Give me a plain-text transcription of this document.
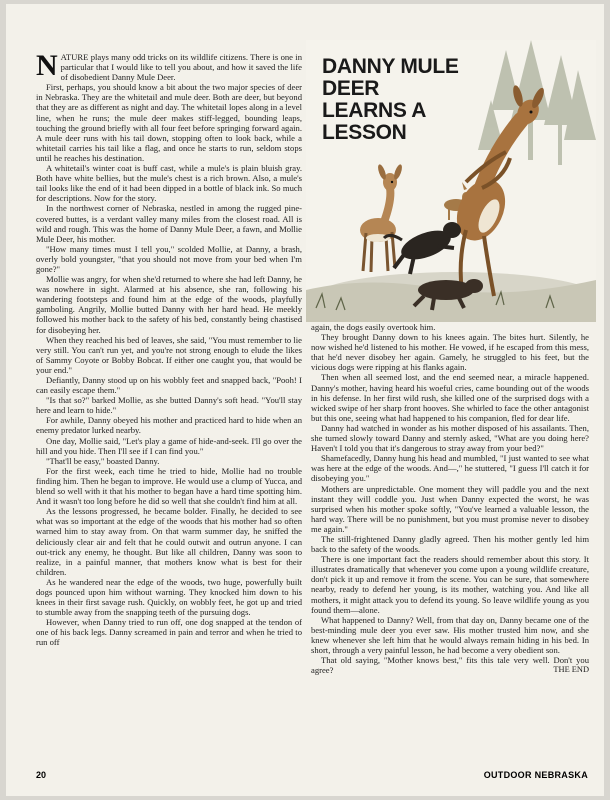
DANNY MULE DEER
LEARNS A LESSON

NATURE plays many odd tricks on its wildlife citizens. There is one in particular that I would like to tell you about, and how it saved the life of disobedient Danny Mule Deer.

First, perhaps, you should know a bit about the two major species of deer in Nebraska. They are the whitetail and mule deer. Both are deer, but beyond that they are as different as night and day. The whitetail lopes along in a level line, when he runs; the mule deer makes stiff-legged, bounding leaps, touching the ground briefly with all four feet before springing forward again. A mule deer runs with his tail down, stopping often to look back, while a whitetail carries his tail like a flag, and once he starts to run, seldom stops until he reaches his destination.

A whitetail's winter coat is buff cast, while a mule's is plain bluish gray. Both have white bellies, but the mule's chest is a rich brown. Also, a mule's tail looks like the end of it had been dipped in a bottle of black ink. So much for descriptions. Now for the story.

In the northwest corner of Nebraska, nestled in among the rugged pine-covered buttes, is a verdant valley many miles from the closest road. All is wild and rough. This was the home of Danny Mule Deer, a fawn, and Mollie Mule Deer, his mother.

"How many times must I tell you," scolded Mollie, at Danny, a brash, overly bold youngster, "that you should not move from your bed when I'm gone?"

Mollie was angry, for when she'd returned to where she had left Danny, he was nowhere in sight. Alarmed at his absence, she ran, following his wandering footsteps and found him at the edge of the woods, playfully gamboling. Angrily, Mollie butted Danny with her hard head. He meekly followed his mother back to the safety of his bed, constantly being chastised for disobeying her.

When they reached his bed of leaves, she said, "You must remember to lie very still. You can't run yet, and you're not strong enough to elude the likes of Sammy Coyote or Bobby Bobcat. If either one caught you, that would be your end."

Defiantly, Danny stood up on his wobbly feet and snapped back, "Pooh! I can easily escape them."

"Is that so?" barked Mollie, as she butted Danny's soft head. "You'll stay here and learn to hide."

For awhile, Danny obeyed his mother and practiced hard to hide when an enemy predator lurked nearby.

One day, Mollie said, "Let's play a game of hide-and-seek. I'll go over the hill and you hide. Then I'll see if I can find you."

"That'll be easy," boasted Danny.

For the first week, each time he tried to hide, Mollie had no trouble finding him. Then he began to improve. He would use a clump of Yucca, and blend so well with it that his mother to began have a hard time spotting him. And it wasn't too long before he did so well that she couldn't find him at all.

As the lessons progressed, he became bolder. Finally, he decided to see what was so important at the edge of the woods that his mother had so often warned him to stay away from. On that warm summer day, he sniffed the deliciously clear air and felt that he could outwit and outrun anyone. I can out-trick any enemy, he thought. But like all children, Danny was soon to realize, in a painful manner, that mothers know what is best for their children.

As he wandered near the edge of the woods, two huge, powerfully built dogs pounced upon him without warning. They knocked him down to his knees in their first savage rush. Quickly, on wobbly feet, he got up and tried to stumble away from the snapping teeth of the pursuing dogs.

However, when Danny tried to run off, one dog snapped at the tendon of one of his back legs. Danny screamed in pain and terror and when he tried to run off

again, the dogs easily overtook him.

They brought Danny down to his knees again. The bites hurt. Silently, he now wished he'd listened to his mother. He vowed, if he escaped from this mess, that he'd never disobey her again. Gamely, he struggled to his feet, but the vicious dogs were ripping at his flanks again.

Then when all seemed lost, and the end seemed near, a miracle happened. Danny's mother, having heard his woeful cries, came bounding out of the woods in his defense. In her first wild rush, she killed one of the surprised dogs with a wicked swipe of her sharp front hooves. She whirled to face the other antagonist but this one, seeing what had happened to his companion, fled for dear life.

Danny had watched in wonder as his mother disposed of his assailants. Then, she turned slowly toward Danny and sternly asked, "What are you doing here? Haven't I told you that it's dangerous to stray away from your bed?"

Shamefacedly, Danny hung his head and mumbled, "I just wanted to see what was here at the edge of the woods. And—," he stuttered, "I guess I'll catch it for disobeying you."

Mothers are unpredictable. One moment they will paddle you and the next instant they will coddle you. Just when Danny expected the worst, he was surprised when his mother spoke softly, "You've learned a valuable lesson, the hard way. There will be no punishment, but you must promise never to disobey me again."

The still-frightened Danny gladly agreed. Then his mother gently led him back to the safety of the woods.

There is one important fact the readers should remember about this story. It illustrates dramatically that whenever you come upon a young wildlife creature, don't pick it up and remove it from the scene. You can be sure, that somewhere nearby, ready to defend her young, is its mother, watching you. And like all mothers, it might attack you to defend its young. So leave wildlife young as you found them—alone.

What happened to Danny? Well, from that day on, Danny became one of the best-minding mule deer you ever saw. His mother trusted him now, and she knew whenever she left him that he would always remain hiding in his bed. In short, through a very painful lesson, he had become a very obedient son.

That old saying, "Mother knows best," fits this tale very well. Don't you agree?	THE END

20	OUTDOOR NEBRASKA
